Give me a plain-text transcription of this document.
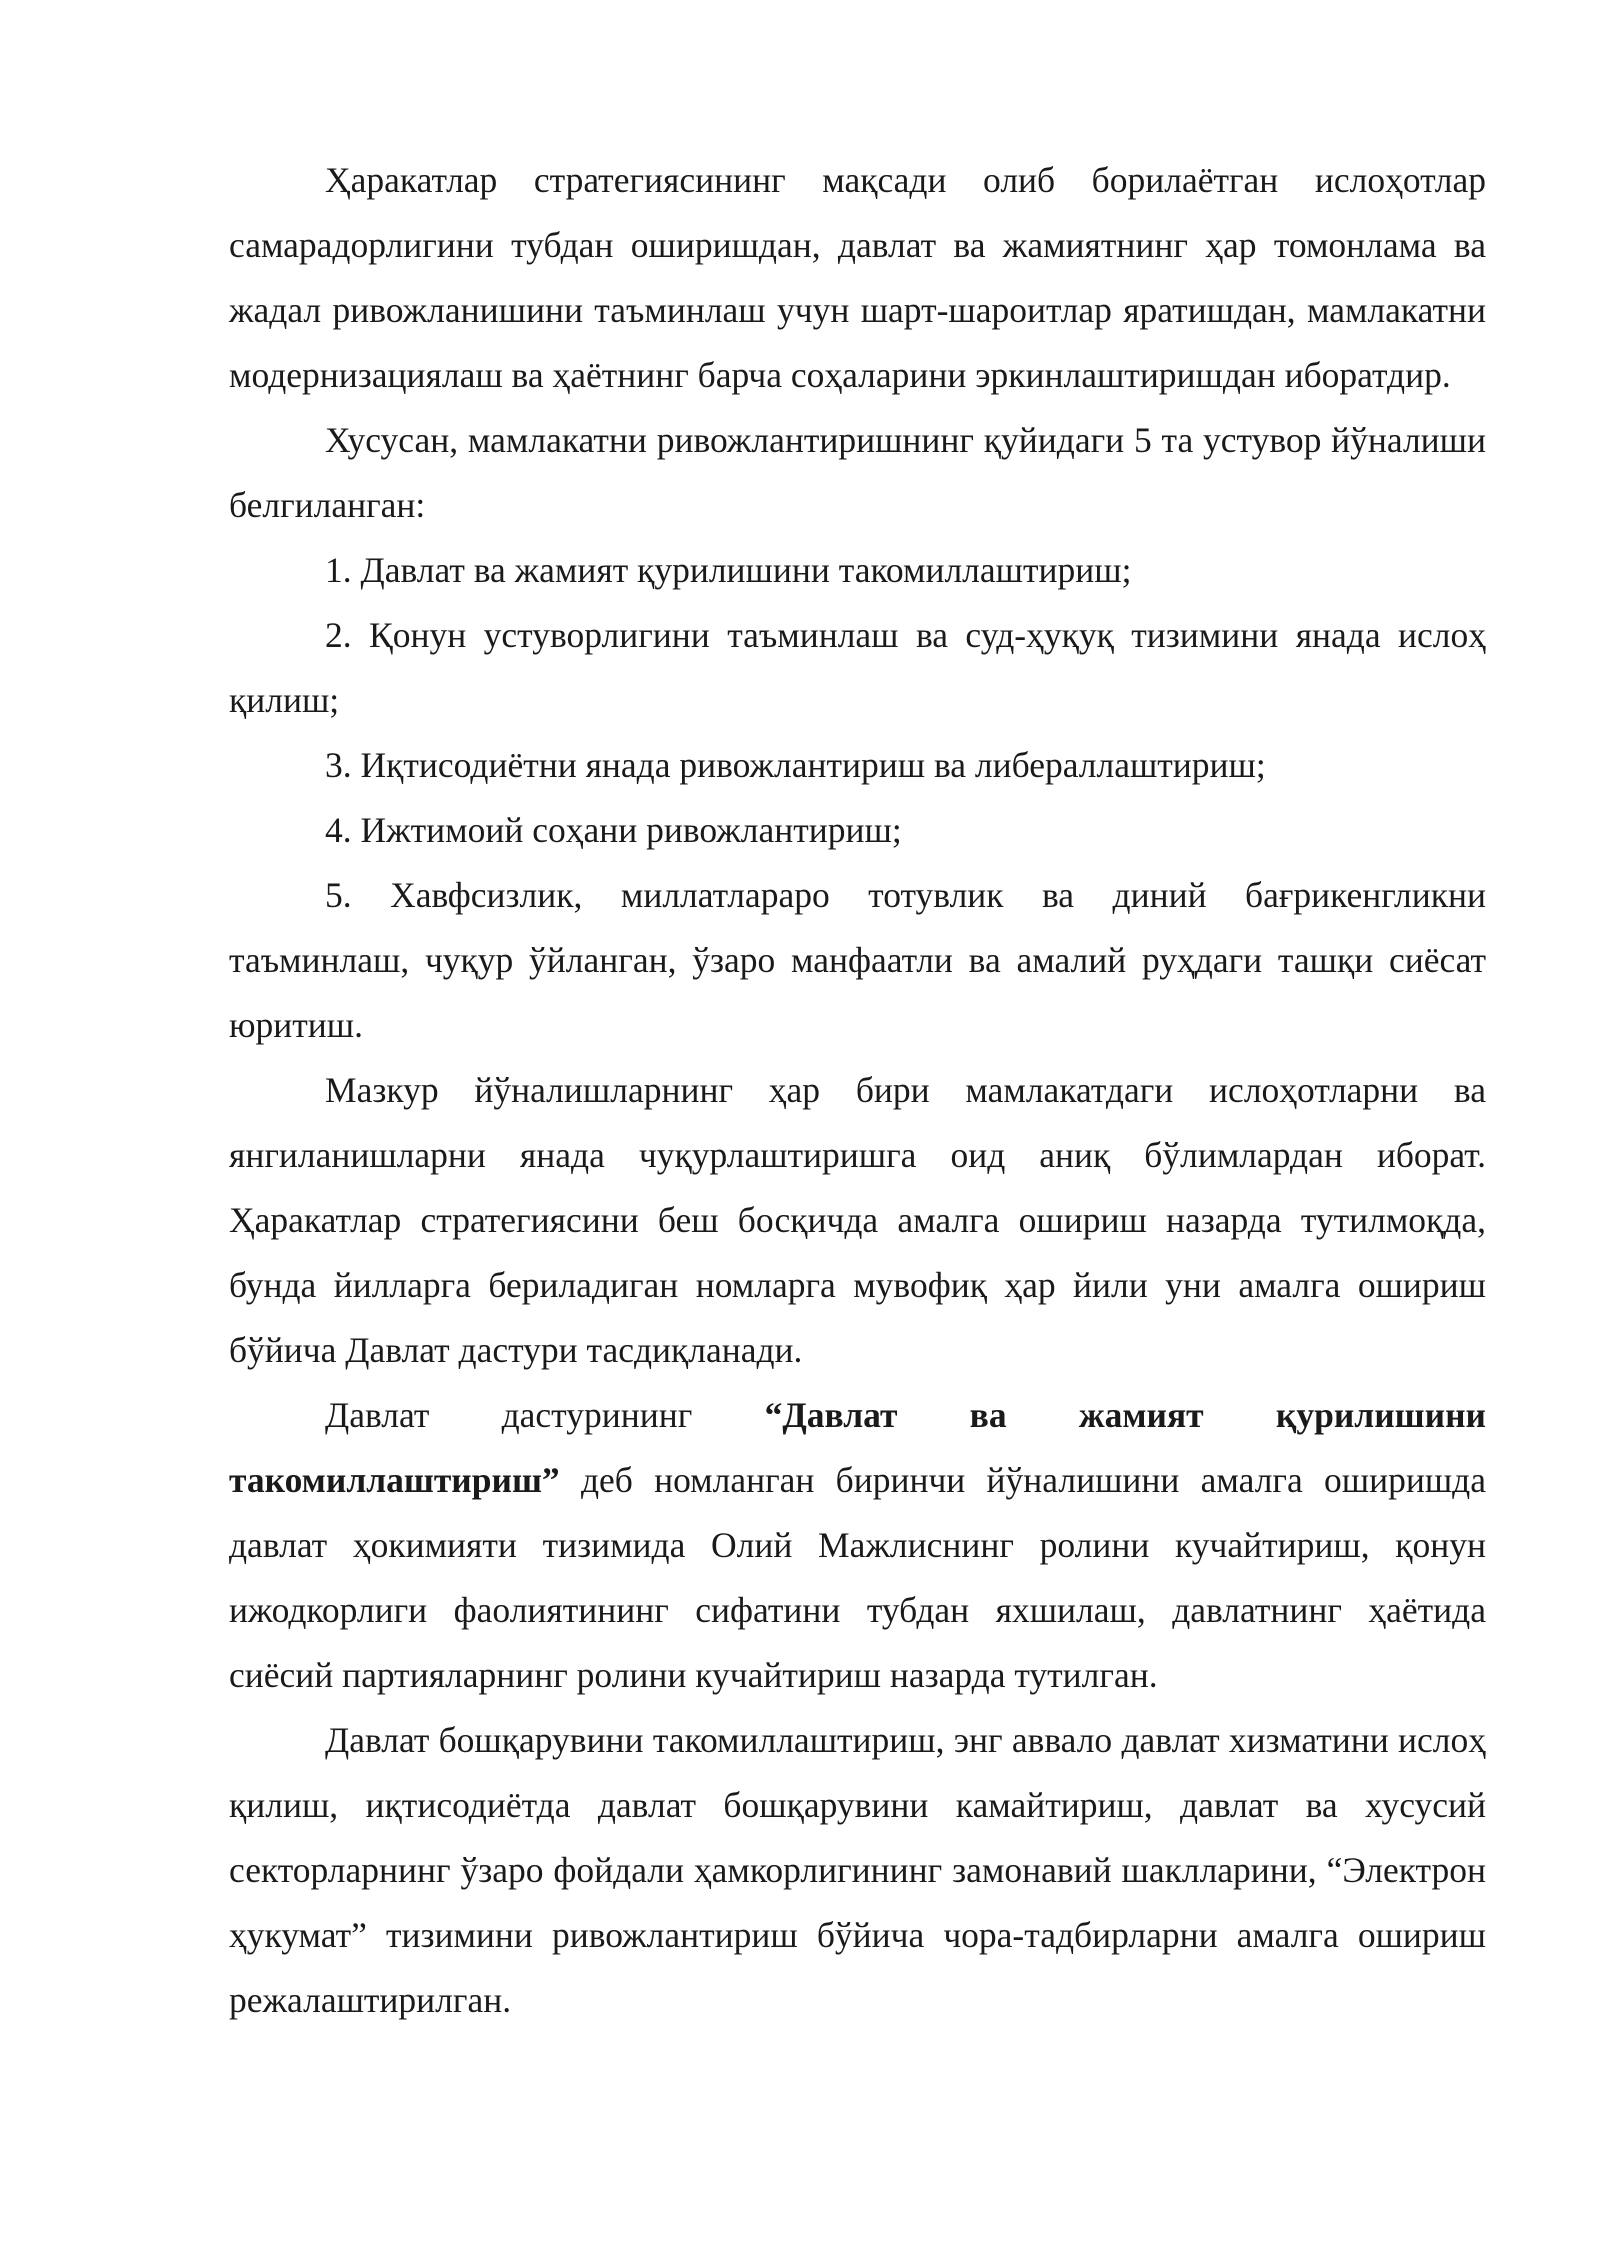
Ҳаракатлар стратегиясининг мақсади олиб борилаётган ислоҳотлар самарадорлигини тубдан оширишдан, давлат ва жамиятнинг ҳар томонлама ва жадал ривожланишини таъминлаш учун шарт-шароитлар яратишдан, мамлакатни модернизациялаш ва ҳаётнинг барча соҳаларини эркинлаштиришдан иборатдир.

Хусусан, мамлакатни ривожлантиришнинг қуйидаги 5 та устувор йўналиши белгиланган:

1. Давлат ва жамият қурилишини такомиллаштириш;

2. Қонун устуворлигини таъминлаш ва суд-ҳуқуқ тизимини янада ислоҳ қилиш;

3. Иқтисодиётни янада ривожлантириш ва либераллаштириш;

4. Ижтимоий соҳани ривожлантириш;

5. Хавфсизлик, миллатлараро тотувлик ва диний бағрикенгликни таъминлаш, чуқур ўйланган, ўзаро манфаатли ва амалий руҳдаги ташқи сиёсат юритиш.

Мазкур йўналишларнинг ҳар бири мамлакатдаги ислоҳотларни ва янгиланишларни янада чуқурлаштиришга оид аниқ бўлимлардан иборат. Ҳаракатлар стратегиясини беш босқичда амалга ошириш назарда тутилмоқда, бунда йилларга бериладиган номларга мувофиқ ҳар йили уни амалга ошириш бўйича Давлат дастури тасдиқланади.

Давлат дастурининг “Давлат ва жамият қурилишини такомиллаштириш” деб номланган биринчи йўналишини амалга оширишда давлат ҳокимияти тизимида Олий Мажлиснинг ролини кучайтириш, қонун ижодкорлиги фаолиятининг сифатини тубдан яхшилаш, давлатнинг ҳаётида сиёсий партияларнинг ролини кучайтириш назарда тутилган.

Давлат бошқарувини такомиллаштириш, энг аввало давлат хизматини ислоҳ қилиш, иқтисодиётда давлат бошқарувини камайтириш, давлат ва хусусий секторларнинг ўзаро фойдали ҳамкорлигининг замонавий шаклларини, “Электрон ҳукумат” тизимини ривожлантириш бўйича чора-тадбирларни амалга ошириш режалаштирилган.
